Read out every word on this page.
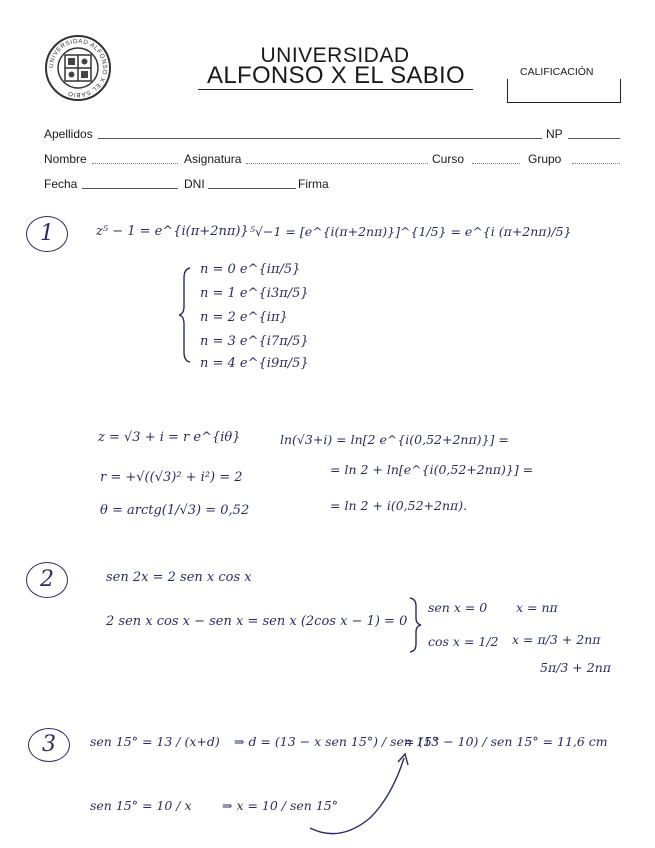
UNIVERSIDAD ALFONSO X EL SABIO
UNIVERSIDAD
ALFONSO X EL SABIO	CALIFICACIÓN
Apellidos	NP
Nombre	Asignatura	Curso	Grupo
Fecha	DNI	Firma
1	z⁵ − 1 = e^{i(π+2nπ)} ⁵√−1 = [e^{i(π+2nπ)}]^{1/5} = e^{i (π+2nπ)/5}
n = 0 e^{iπ/5}
n = 1 e^{i3π/5}
n = 2 e^{iπ}
n = 3 e^{i7π/5}
n = 4 e^{i9π/5}
z = √3 + i = r e^{iθ}
r = +√((√3)² + i²) = 2
θ = arctg(1/√3) = 0,52
ln(√3+i) = ln[2 e^{i(0,52+2nπ)}] =
= ln 2 + ln[e^{i(0,52+2nπ)}] =
= ln 2 + i(0,52+2nπ).
2	sen 2x = 2 sen x cos x
2 sen x cos x − sen x = sen x (2cos x − 1) = 0
sen x = 0 x = nπ
cos x = 1/2 x = π/3 + 2nπ
5π/3 + 2nπ
3	sen 15° = 13 / (x+d) ⇒ d = (13 − x sen 15°) / sen 15°
= (13 − 10) / sen 15° = 11,6 cm
sen 15° = 10 / x ⇒ x = 10 / sen 15°
